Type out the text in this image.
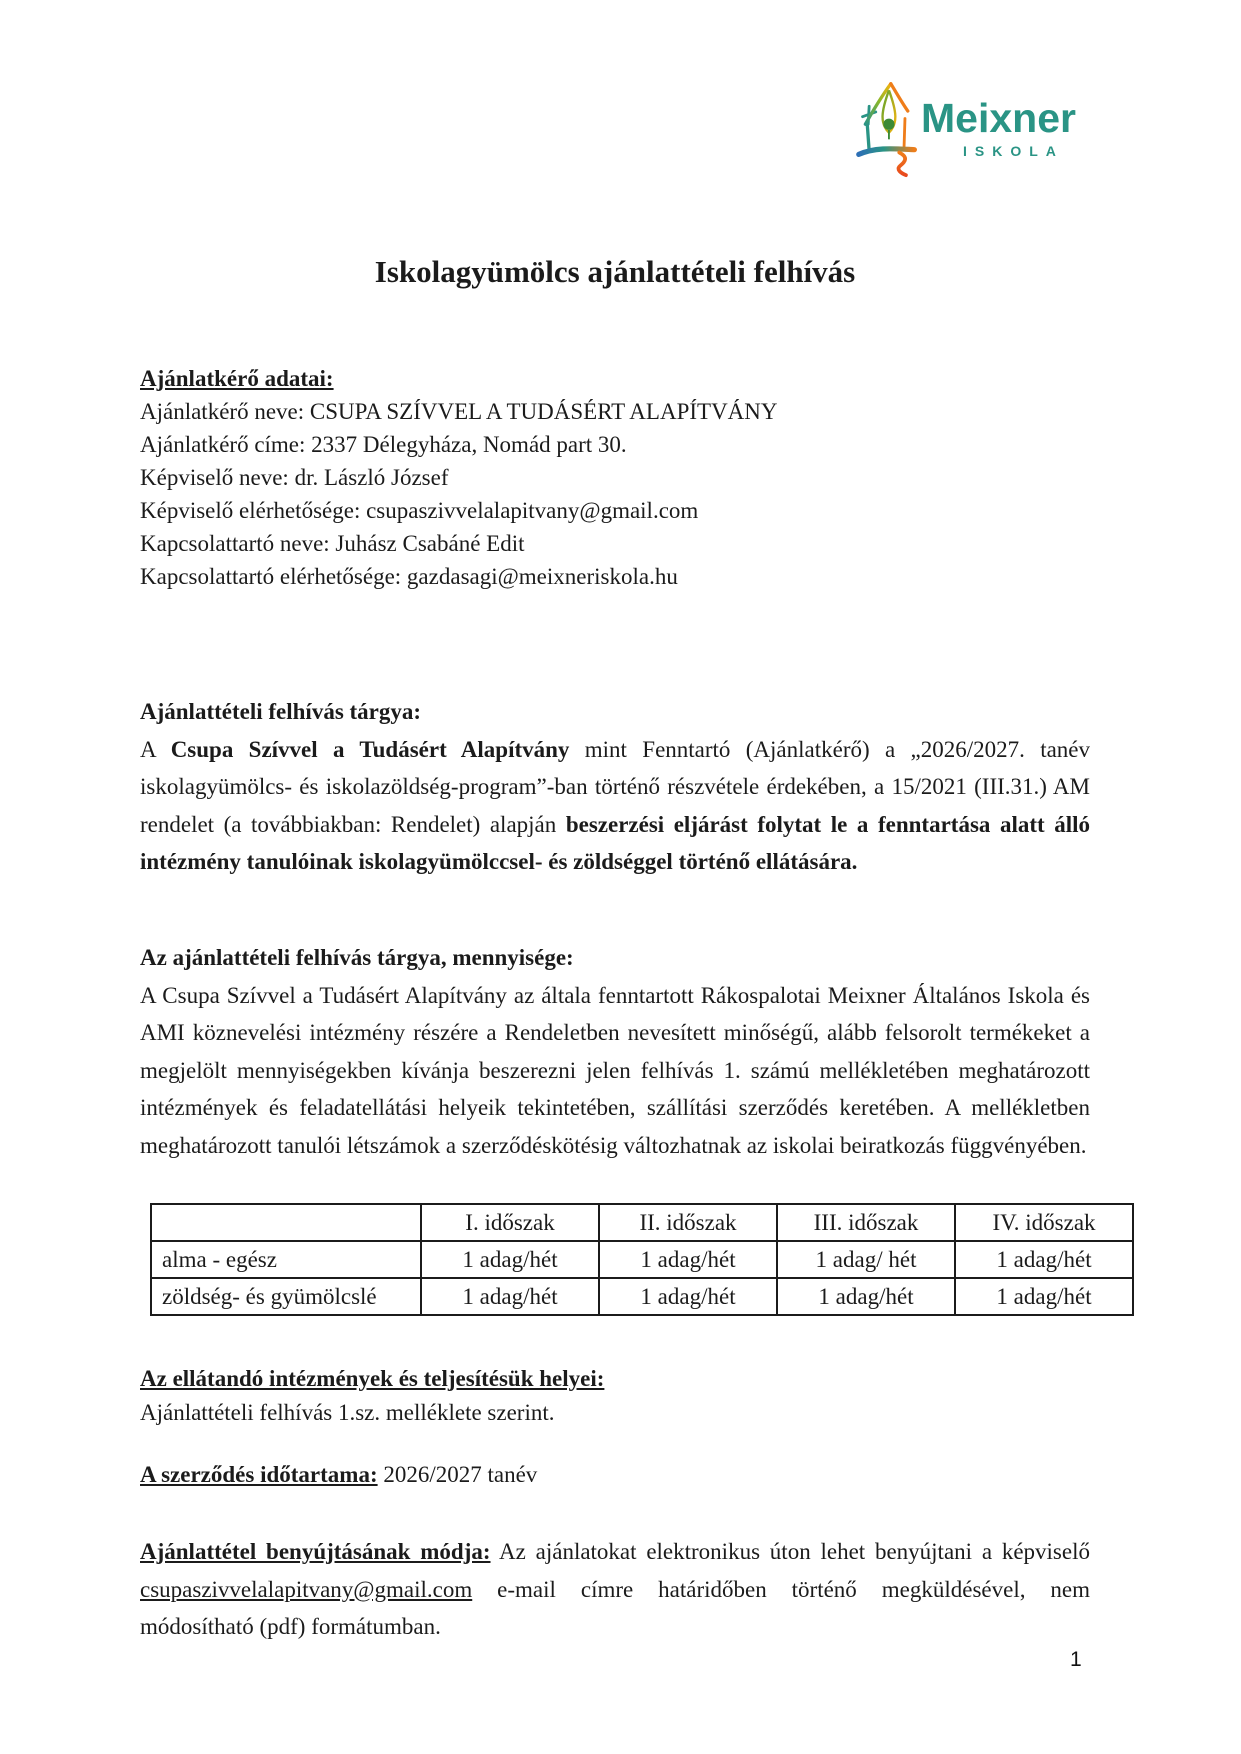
Meixner
ISKOLA
Iskolagyümölcs ajánlattételi felhívás

Ajánlatkérő adatai:

Ajánlatkérő neve: CSUPA SZÍVVEL A TUDÁSÉRT ALAPÍTVÁNY

Ajánlatkérő címe: 2337 Délegyháza, Nomád part 30.

Képviselő neve: dr. László József

Képviselő elérhetősége: csupaszivvelalapitvany@gmail.com

Kapcsolattartó neve: Juhász Csabáné Edit

Kapcsolattartó elérhetősége: gazdasagi@meixneriskola.hu

Ajánlattételi felhívás tárgya:

A Csupa Szívvel a Tudásért Alapítvány mint Fenntartó (Ajánlatkérő) a „2026/2027. tanév iskolagyümölcs- és iskolazöldség-program”-ban történő részvétele érdekében, a 15/2021 (III.31.) AM rendelet (a továbbiakban: Rendelet) alapján beszerzési eljárást folytat le a fenntartása alatt álló intézmény tanulóinak iskolagyümölccsel- és zöldséggel történő ellátására.

Az ajánlattételi felhívás tárgya, mennyisége:

A Csupa Szívvel a Tudásért Alapítvány az általa fenntartott Rákospalotai Meixner Általános Iskola és AMI köznevelési intézmény részére a Rendeletben nevesített minőségű, alább felsorolt termékeket a megjelölt mennyiségekben kívánja beszerezni jelen felhívás 1. számú mellékletében meghatározott intézmények és feladatellátási helyeik tekintetében, szállítási szerződés keretében. A mellékletben meghatározott tanulói létszámok a szerződéskötésig változhatnak az iskolai beiratkozás függvényében.

	I. időszak	II. időszak	III. időszak	IV. időszak
alma - egész	1 adag/hét	1 adag/hét	1 adag/ hét	1 adag/hét
zöldség- és gyümölcslé	1 adag/hét	1 adag/hét	1 adag/hét	1 adag/hét

Az ellátandó intézmények és teljesítésük helyei:

Ajánlattételi felhívás 1.sz. melléklete szerint.

A szerződés időtartama: 2026/2027 tanév

Ajánlattétel benyújtásának módja: Az ajánlatokat elektronikus úton lehet benyújtani a képviselő csupaszivvelalapitvany@gmail.com e-mail címre határidőben történő megküldésével, nem módosítható (pdf) formátumban.

1
